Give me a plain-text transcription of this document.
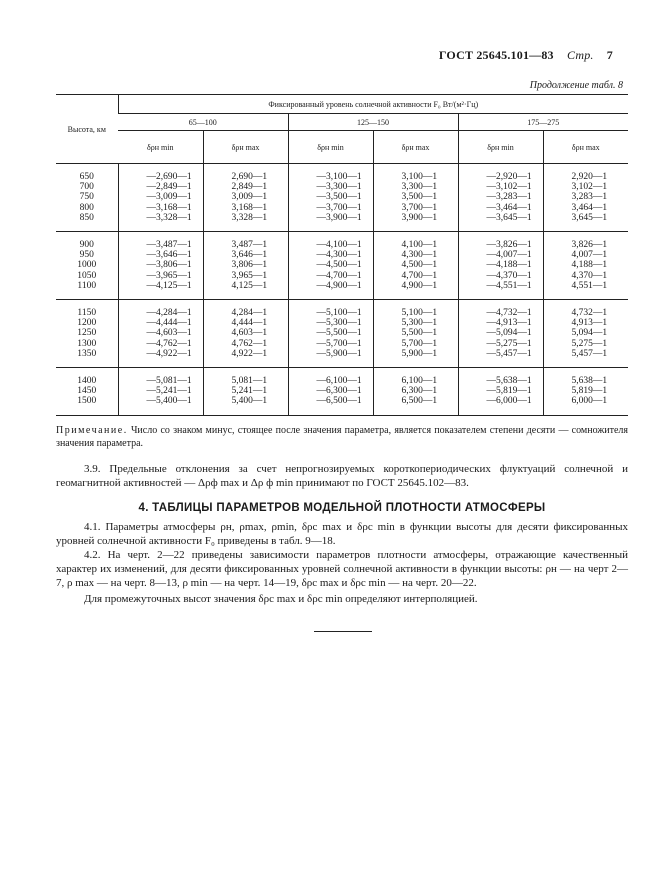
ГОСТ 25645.101—83 Стр. 7
Продолжение табл. 8
Высота, км	Фиксированный уровень солнечной активности F₀ Вт/(м²·Гц)					
	65—100		125—150		175—275	
	δρн min	δρн max	δρн min	δρн max	δρн min	δρн max
650	—2,690—1	2,690—1	—3,100—1	3,100—1	—2,920—1	2,920—1
700	—2,849—1	2,849—1	—3,300—1	3,300—1	—3,102—1	3,102—1
750	—3,009—1	3,009—1	—3,500—1	3,500—1	—3,283—1	3,283—1
800	—3,168—1	3,168—1	—3,700—1	3,700—1	—3,464—1	3,464—1
850	—3,328—1	3,328—1	—3,900—1	3,900—1	—3,645—1	3,645—1
900	—3,487—1	3,487—1	—4,100—1	4,100—1	—3,826—1	3,826—1
950	—3,646—1	3,646—1	—4,300—1	4,300—1	—4,007—1	4,007—1
1000	—3,806—1	3,806—1	—4,500—1	4,500—1	—4,188—1	4,188—1
1050	—3,965—1	3,965—1	—4,700—1	4,700—1	—4,370—1	4,370—1
1100	—4,125—1	4,125—1	—4,900—1	4,900—1	—4,551—1	4,551—1
1150	—4,284—1	4,284—1	—5,100—1	5,100—1	—4,732—1	4,732—1
1200	—4,444—1	4,444—1	—5,300—1	5,300—1	—4,913—1	4,913—1
1250	—4,603—1	4,603—1	—5,500—1	5,500—1	—5,094—1	5,094—1
1300	—4,762—1	4,762—1	—5,700—1	5,700—1	—5,275—1	5,275—1
1350	—4,922—1	4,922—1	—5,900—1	5,900—1	—5,457—1	5,457—1
1400	—5,081—1	5,081—1	—6,100—1	6,100—1	—5,638—1	5,638—1
1450	—5,241—1	5,241—1	—6,300—1	6,300—1	—5,819—1	5,819—1
1500	—5,400—1	5,400—1	—6,500—1	6,500—1	—6,000—1	6,000—1
Примечание. Число со знаком минус, стоящее после значения параметра, является показателем степени десяти — сомножителя значения параметра.
3.9. Предельные отклонения за счет непрогнозируемых короткопериодических флуктуаций солнечной и геомагнитной активностей — Δρф max и Δρ ф min принимают по ГОСТ 25645.102—83.
4. ТАБЛИЦЫ ПАРАМЕТРОВ МОДЕЛЬНОЙ ПЛОТНОСТИ АТМОСФЕРЫ
4.1. Параметры атмосферы ρн, ρmax, ρmin, δρc max и δρc min в функции высоты для десяти фиксированных уровней солнечной активности F₀ приведены в табл. 9—18.
4.2. На черт. 2—22 приведены зависимости параметров плотности атмосферы, отражающие качественный характер их изменений, для десяти фиксированных уровней солнечной активности в функции высоты: ρн — на черт 2—7, ρ max — на черт. 8—13, ρ min — на черт. 14—19, δρc max и δρc min — на черт. 20—22.
Для промежуточных высот значения δρc max и δρc min определяют интерполяцией.
